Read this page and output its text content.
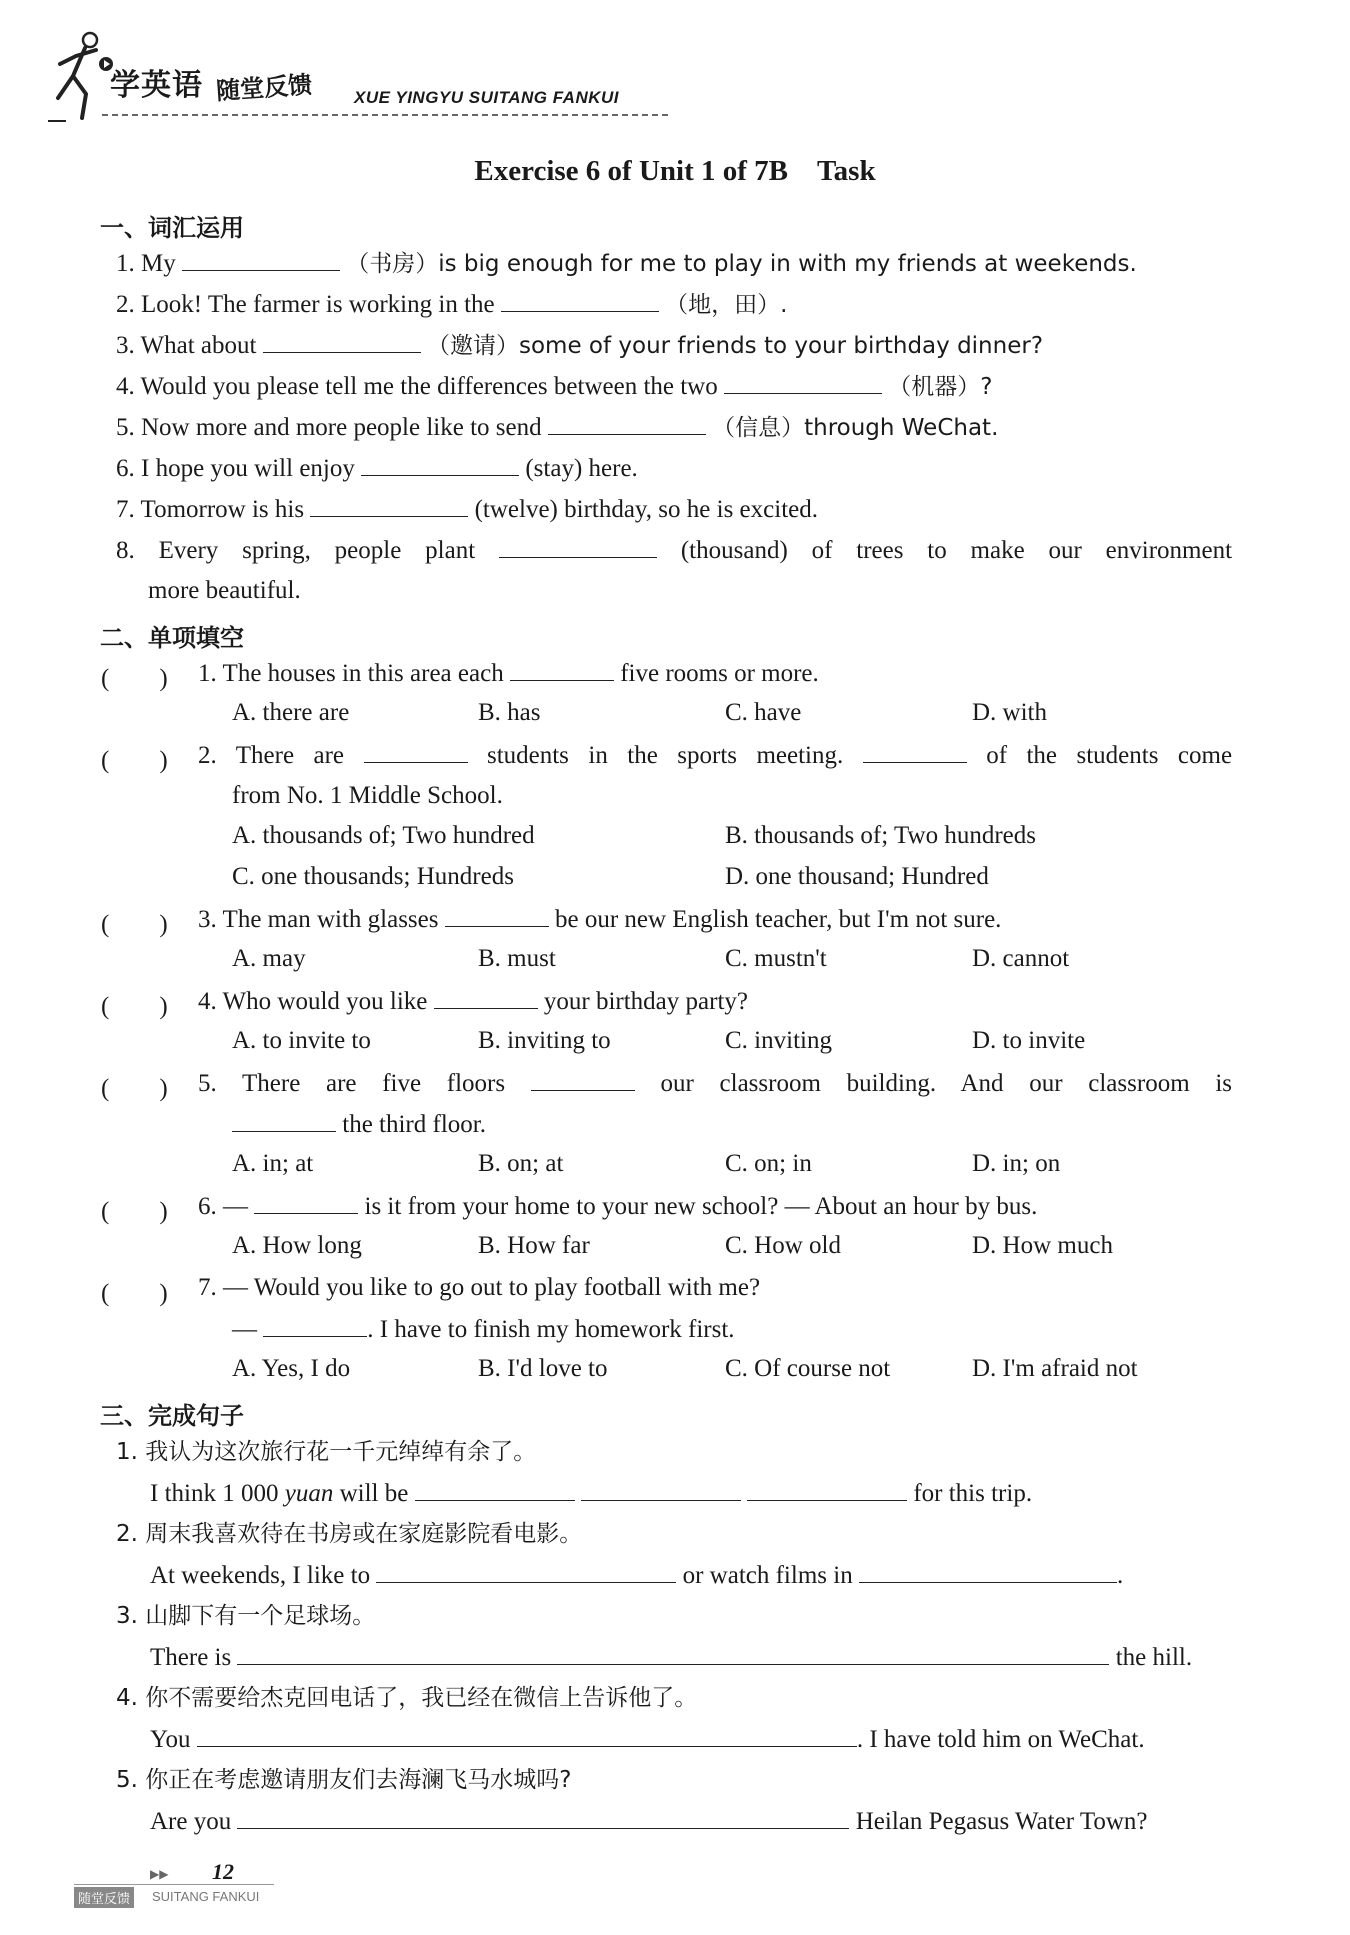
学英语 随堂反馈 XUE YINGYU SUITANG FANKUI
Exercise 6 of Unit 1 of 7B　Task
一、词汇运用
1. My	（书房）is big enough for me to play in with my friends at weekends.
2. Look! The farmer is working in the	（地，田）.
3. What about	（邀请）some of your friends to your birthday dinner?
4. Would you please tell me the differences between the two	（机器）?
5. Now more and more people like to send	（信息）through WeChat.
6. I hope you will enjoy	(stay) here.
7. Tomorrow is his	(twelve) birthday, so he is excited.
8. Every spring, people plant	(thousand) of trees to make our environment
more beautiful.
二、单项填空
(　　) 1. The houses in this area each	five rooms or more.
A. there are	B. has	C. have	D. with
(　　) 2. There are	students in the sports meeting.	of the students come
from No. 1 Middle School.
A. thousands of; Two hundred	B. thousands of; Two hundreds
C. one thousands; Hundreds	D. one thousand; Hundred
(　　) 3. The man with glasses	be our new English teacher, but I'm not sure.
A. may	B. must	C. mustn't	D. cannot
(　　) 4. Who would you like	your birthday party?
A. to invite to	B. inviting to	C. inviting	D. to invite
(　　) 5. There are five floors	our classroom building. And our classroom is
the third floor.
A. in; at	B. on; at	C. on; in	D. in; on
(　　) 6. —	is it from your home to your new school? — About an hour by bus.
A. How long	B. How far	C. How old	D. How much
(　　) 7. — Would you like to go out to play football with me?
—	. I have to finish my homework first.
A. Yes, I do	B. I'd love to	C. Of course not	D. I'm afraid not
三、完成句子
1. 我认为这次旅行花一千元绰绰有余了。
I think 1 000 yuan will be	for this trip.
2. 周末我喜欢待在书房或在家庭影院看电影。
At weekends, I like to	or watch films in	.
3. 山脚下有一个足球场。
There is	the hill.
4. 你不需要给杰克回电话了，我已经在微信上告诉他了。
You	. I have told him on WeChat.
5. 你正在考虑邀请朋友们去海澜飞马水城吗?
Are you	Heilan Pegasus Water Town?
▶▶ 12
随堂反馈	SUITANG FANKUI
